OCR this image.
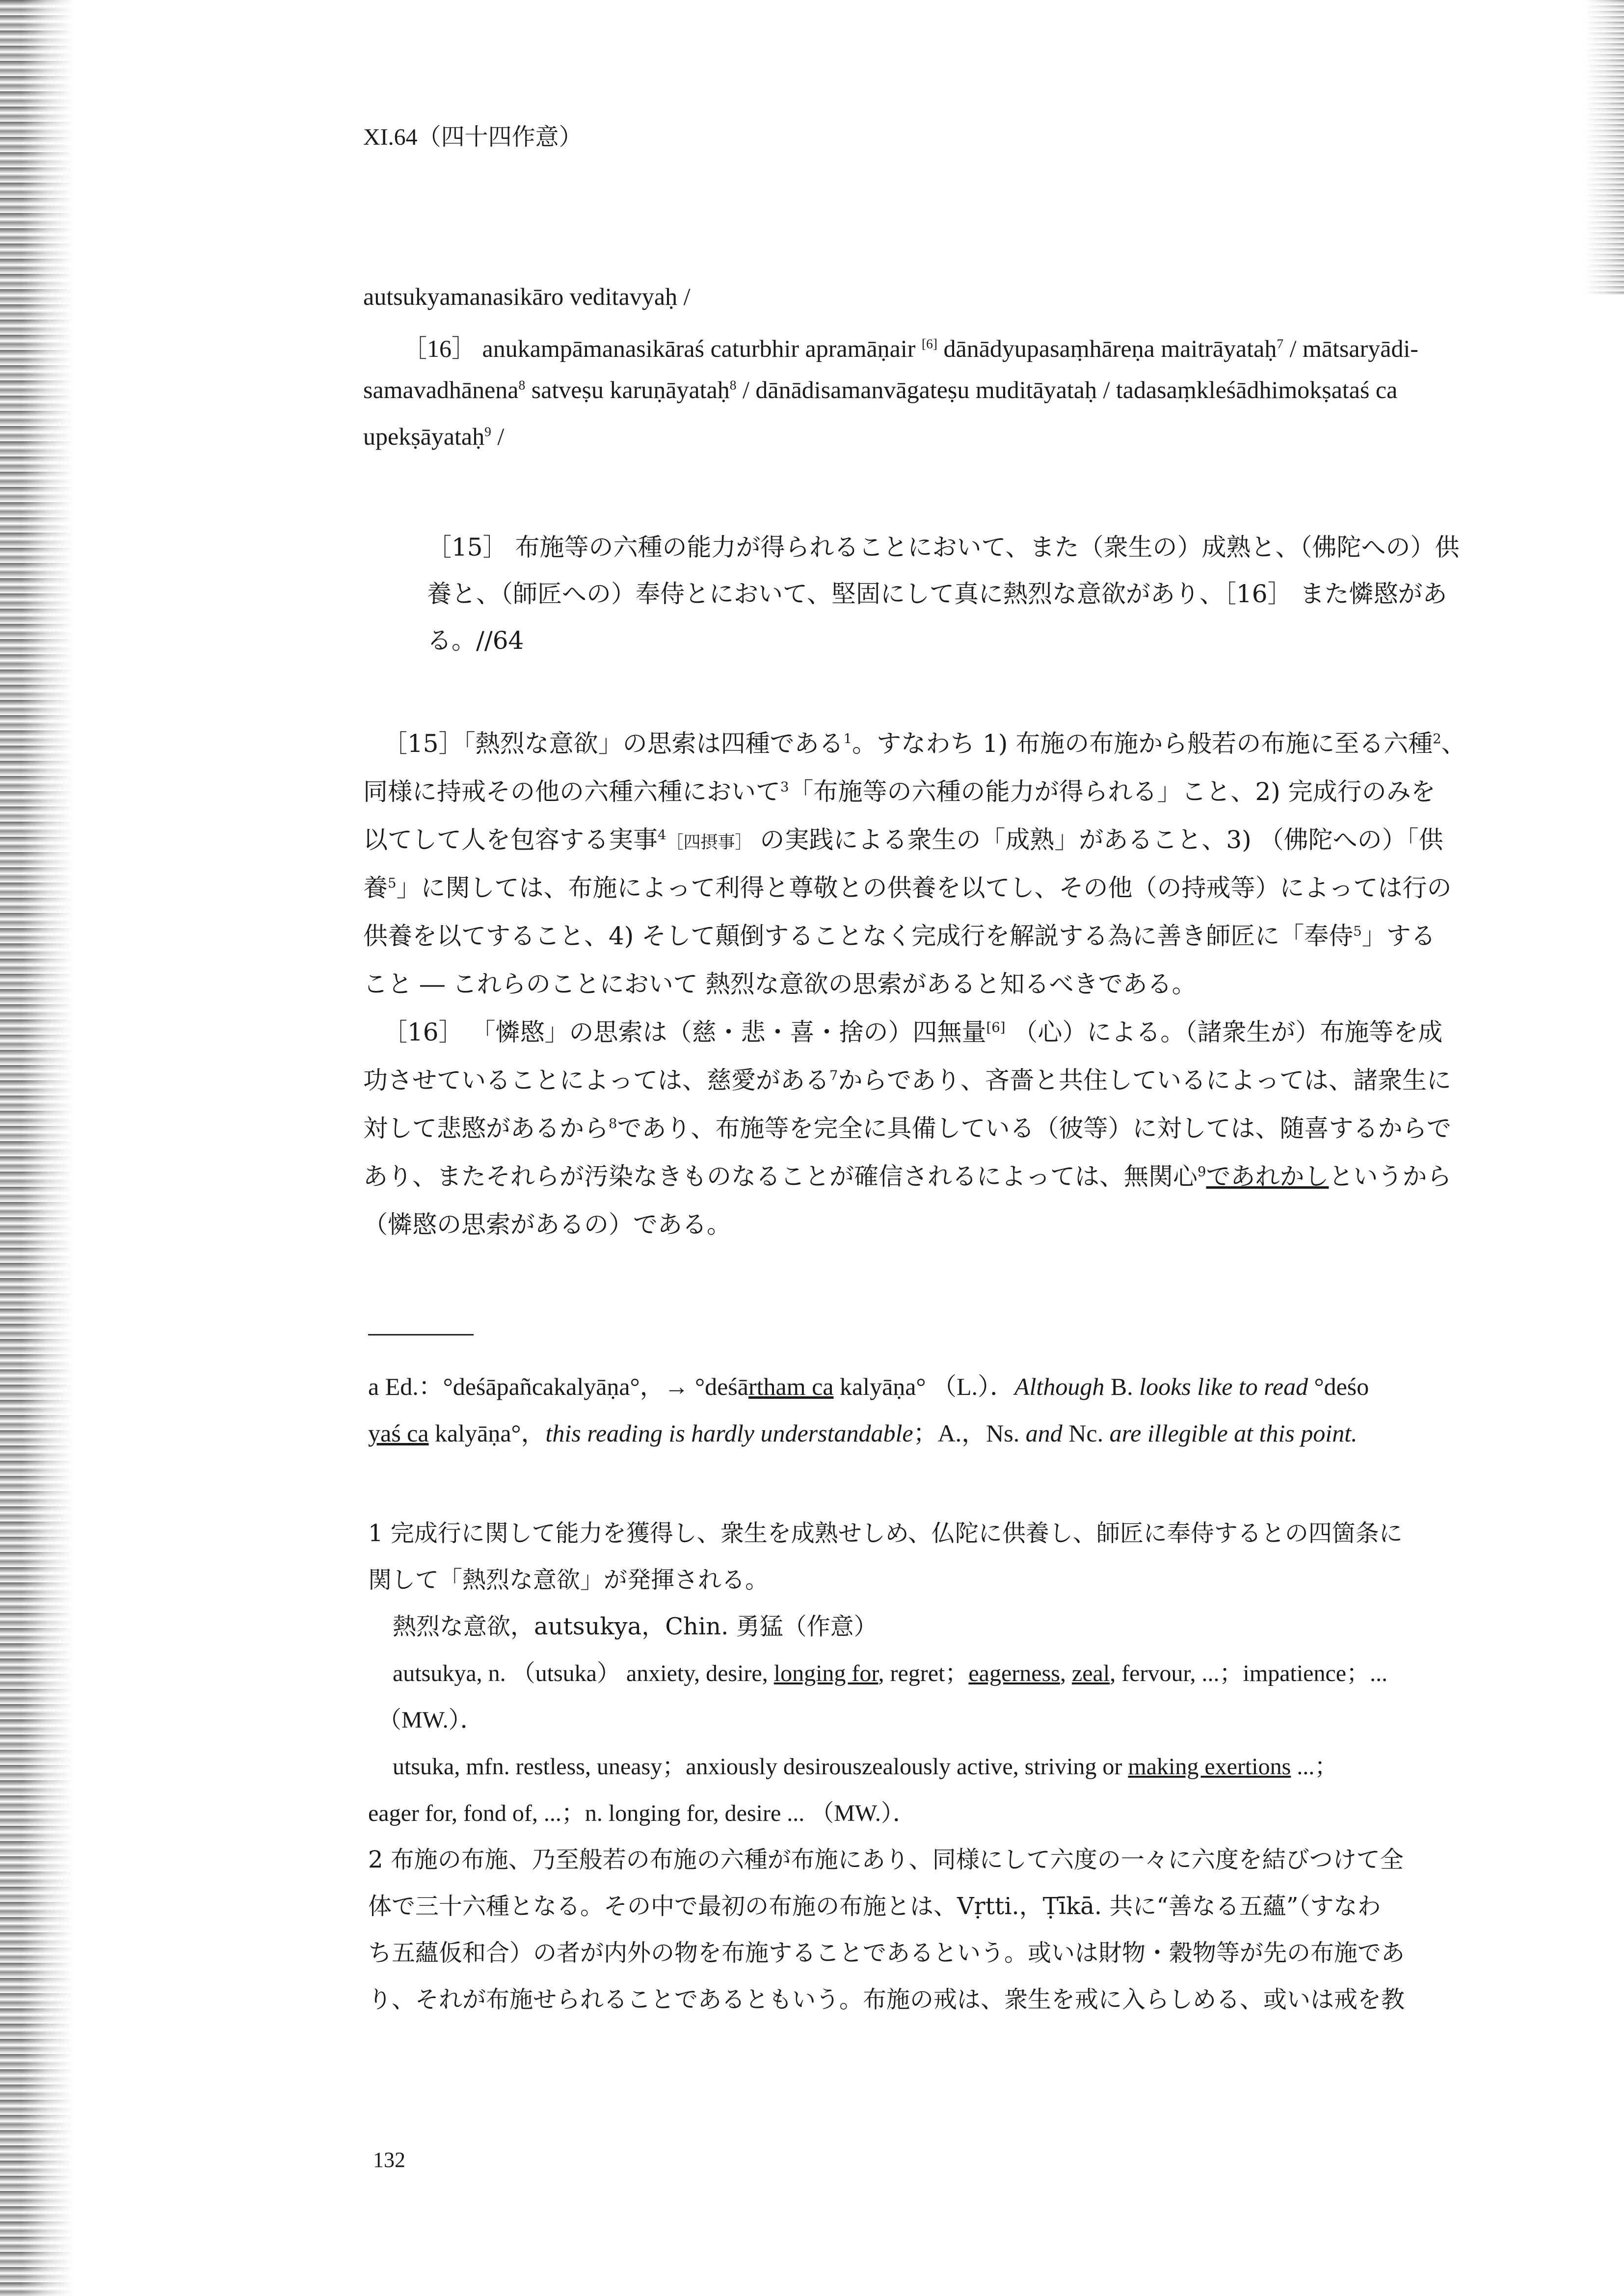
XI.64（四十四作意）
autsukyamanasikāro veditavyaḥ /
［16］ anukampāmanasikāraś caturbhir apramāṇair [6] dānādyupasaṃhāreṇa maitrāyataḥ$^7$ / mātsaryādi-
samavadhānena$^8$ satveṣu karuṇāyataḥ$^8$ / dānādisamanvāgateṣu muditāyataḥ / tadasaṃkleśādhimokṣataś ca
upekṣāyataḥ$^9$ /
［15］ 布施等の六種の能力が得られることにおいて、また（衆生の）成熟と、（佛陀への）供
養と、（師匠への）奉侍とにおいて、堅固にして真に熱烈な意欲があり、［16］ また憐愍があ
る。//64
［15］「熱烈な意欲」の思索は四種である$^1$。すなわち 1) 布施の布施から般若の布施に至る六種$^2$、
同様に持戒その他の六種六種において$^3$「布施等の六種の能力が得られる」こと、2) 完成行のみを
以てして人を包容する実事$^4$［四摂事］ の実践による衆生の「成熟」があること、3) （佛陀への）「供
養$^5$」に関しては、布施によって利得と尊敬との供養を以てし、その他（の持戒等）によっては行の
供養を以てすること、4) そして顛倒することなく完成行を解説する為に善き師匠に「奉侍$^5$」する
こと ― これらのことにおいて 熱烈な意欲の思索があると知るべきである。
［16］ 「憐愍」の思索は（慈・悲・喜・捨の）四無量[6] （心）による。（諸衆生が）布施等を成
功させていることによっては、慈愛がある$^7$からであり、吝嗇と共住しているによっては、諸衆生に
対して悲愍があるから$^8$であり、布施等を完全に具備している（彼等）に対しては、随喜するからで
あり、またそれらが汚染なきものなることが確信されるによっては、無関心$^9$であれかしというから
（憐愍の思索があるの）である。
a Ed.：°deśāpañcakalyāṇa°，→ °deśārtham ca kalyāṇa° （L.）．Although B. looks like to read °deśo
yaś ca kalyāṇa°，this reading is hardly understandable；A.，Ns. and Nc. are illegible at this point.
1 完成行に関して能力を獲得し、衆生を成熟せしめ、仏陀に供養し、師匠に奉侍するとの四箇条に
関して「熱烈な意欲」が発揮される。
熱烈な意欲，autsukya，Chin. 勇猛（作意）
autsukya, n. （utsuka） anxiety, desire, longing for, regret；eagerness, zeal, fervour, ...；impatience；...
（MW.）．
utsuka, mfn. restless, uneasy；anxiously desirouszealously active, striving or making exertions ...；
eager for, fond of, ...；n. longing for, desire ... （MW.）．
2 布施の布施、乃至般若の布施の六種が布施にあり、同様にして六度の一々に六度を結びつけて全
体で三十六種となる。その中で最初の布施の布施とは、Vṛtti.，Ṭīkā. 共に“善なる五蘊”（すなわ
ち五蘊仮和合）の者が内外の物を布施することであるという。或いは財物・穀物等が先の布施であ
り、それが布施せられることであるともいう。布施の戒は、衆生を戒に入らしめる、或いは戒を教
132
